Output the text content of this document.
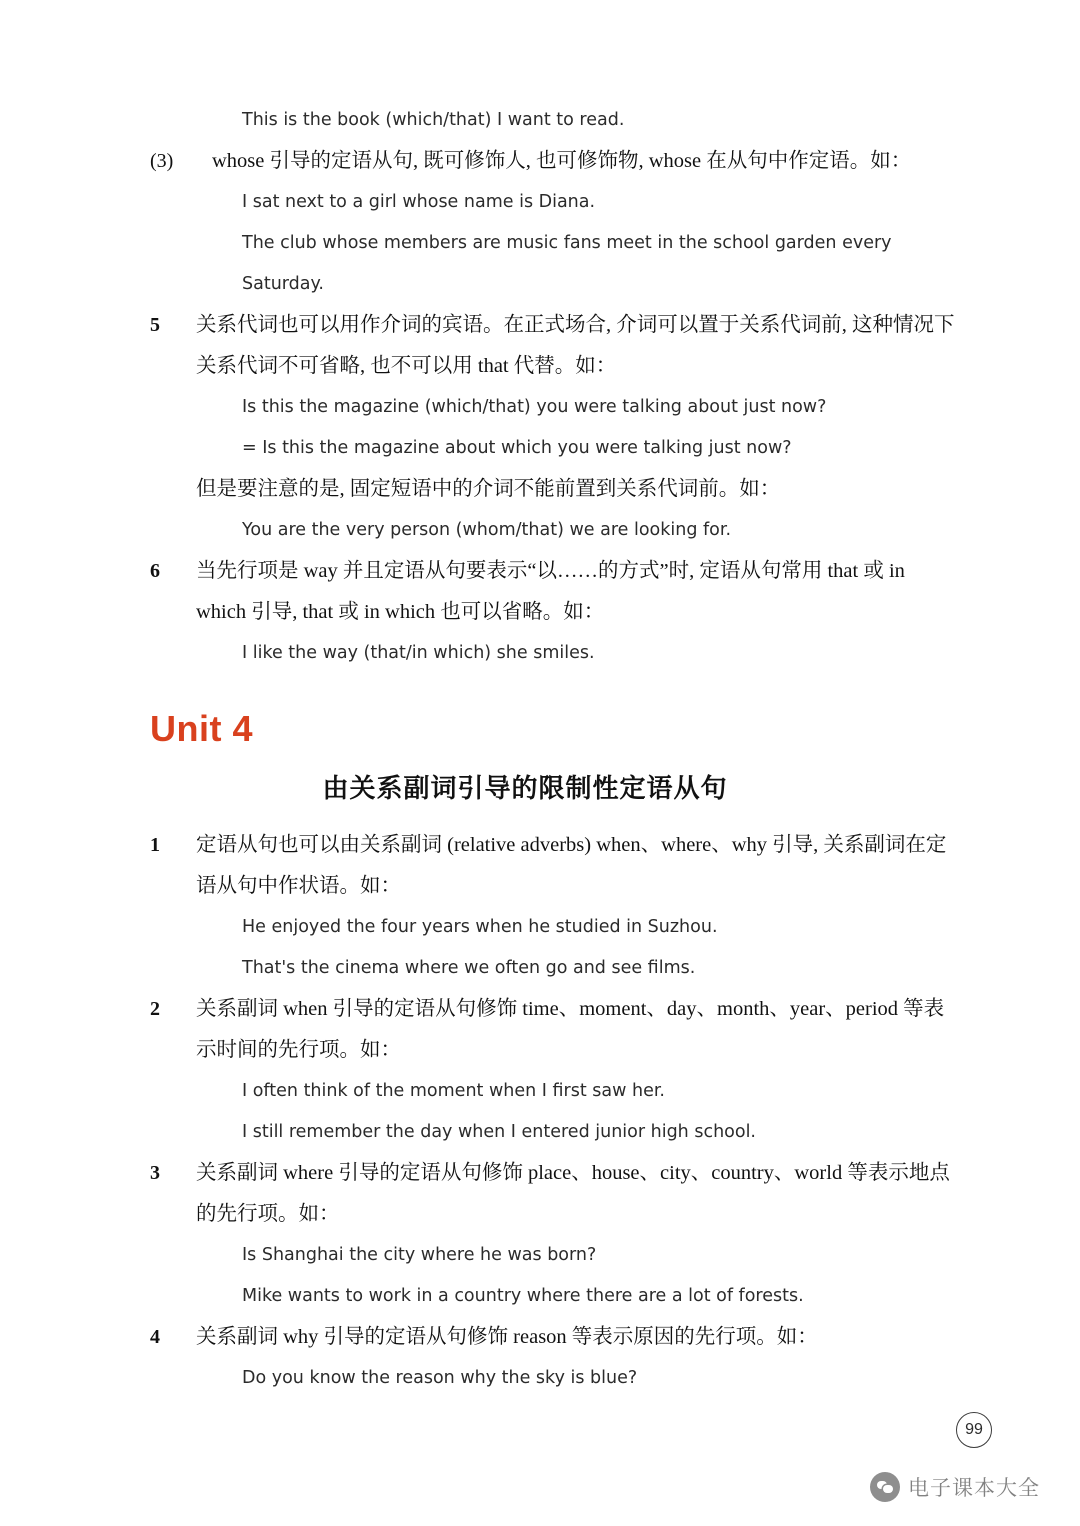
This is the book (which/that) I want to read.
(3)	whose 引导的定语从句, 既可修饰人, 也可修饰物, whose 在从句中作定语。如：
I sat next to a girl whose name is Diana.
The club whose members are music fans meet in the school garden every
Saturday.
5	关系代词也可以用作介词的宾语。在正式场合, 介词可以置于关系代词前, 这种情况下关系代词不可省略, 也不可以用 that 代替。如：
Is this the magazine (which/that) you were talking about just now?
= Is this the magazine about which you were talking just now?
但是要注意的是, 固定短语中的介词不能前置到关系代词前。如：
You are the very person (whom/that) we are looking for.
6	当先行项是 way 并且定语从句要表示“以……的方式”时, 定语从句常用 that 或 in which 引导, that 或 in which 也可以省略。如：
I like the way (that/in which) she smiles.
Unit 4
由关系副词引导的限制性定语从句
1	定语从句也可以由关系副词 (relative adverbs) when、where、why 引导, 关系副词在定语从句中作状语。如：
He enjoyed the four years when he studied in Suzhou.
That's the cinema where we often go and see films.
2	关系副词 when 引导的定语从句修饰 time、moment、day、month、year、period 等表示时间的先行项。如：
I often think of the moment when I first saw her.
I still remember the day when I entered junior high school.
3	关系副词 where 引导的定语从句修饰 place、house、city、country、world 等表示地点的先行项。如：
Is Shanghai the city where he was born?
Mike wants to work in a country where there are a lot of forests.
4	关系副词 why 引导的定语从句修饰 reason 等表示原因的先行项。如：
Do you know the reason why the sky is blue?
99
电子课本大全
